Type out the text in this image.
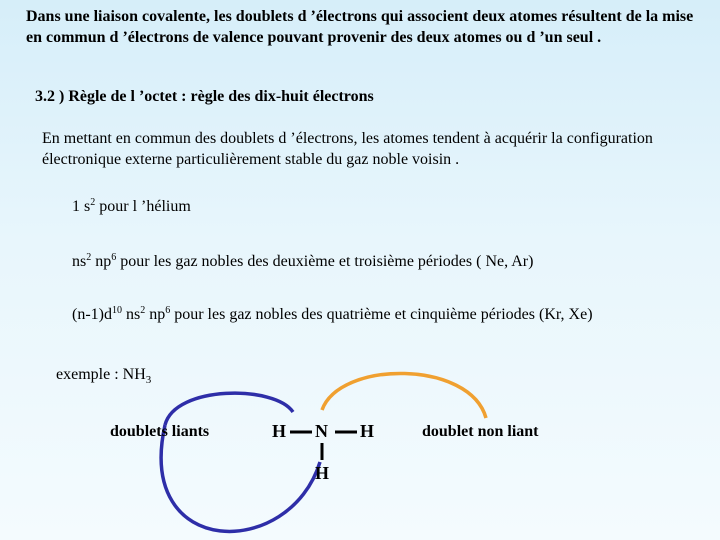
Dans une liaison covalente, les doublets d ’électrons qui associent deux atomes résultent de la mise en commun d ’électrons de valence pouvant provenir des deux atomes ou d ’un seul .
3.2 ) Règle de l ’octet : règle des dix-huit électrons
En mettant en commun des doublets d ’électrons, les atomes tendent à acquérir la configuration électronique externe particulièrement stable du gaz noble voisin .
1 $s^2$ pour l ’hélium
$ns^2$ $np^6$ pour les gaz nobles des deuxième et troisième périodes ( Ne, Ar)
$(n-1)d^{10}$ $ns^2$ $np^6$ pour les gaz nobles des quatrième et cinquième périodes (Kr, Xe)
exemple : $NH_3$
doublets liants	doublet non liant
H N H
H
